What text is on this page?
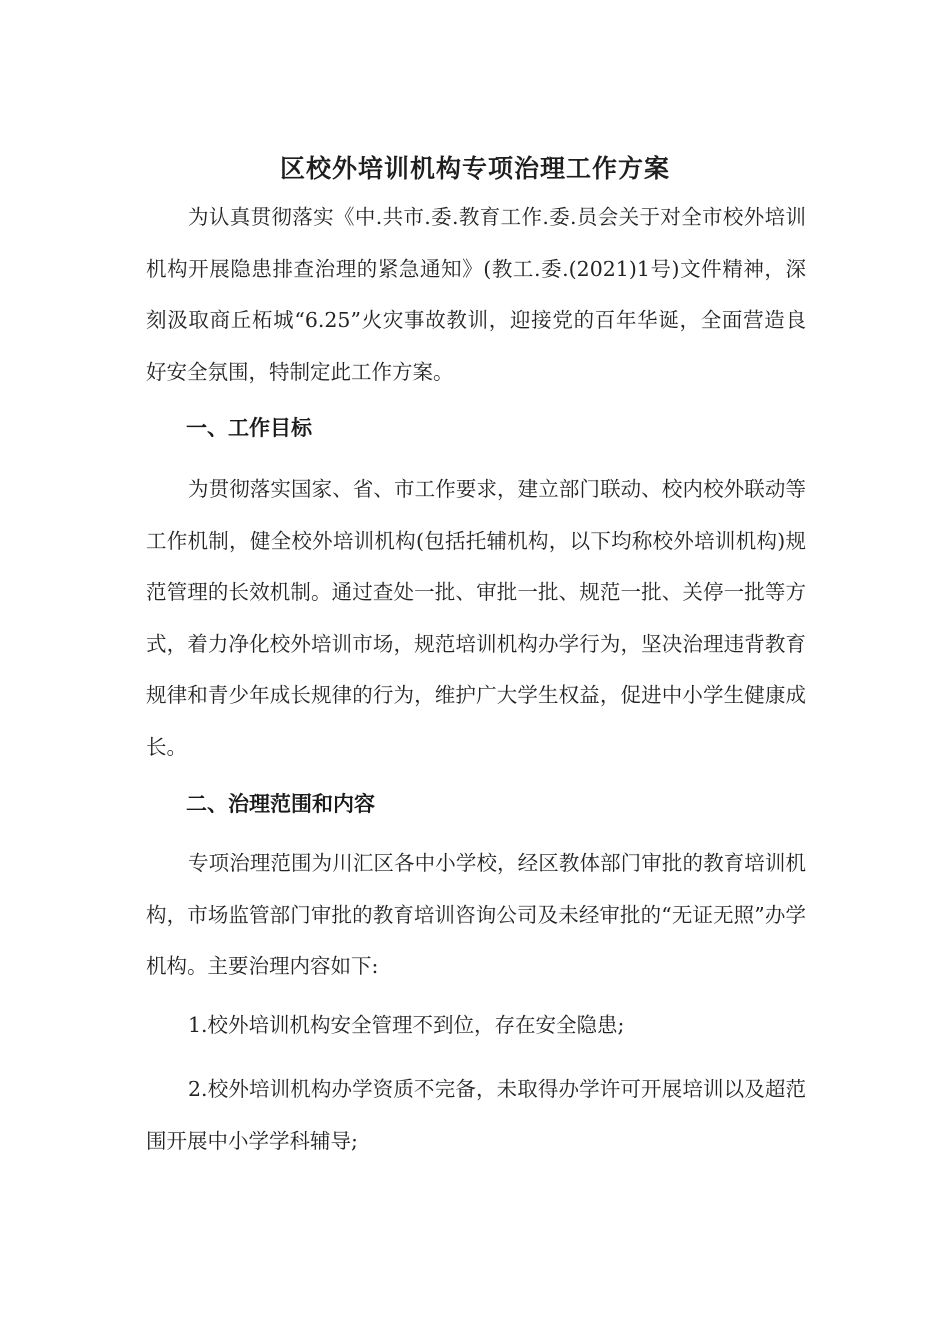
区校外培训机构专项治理工作方案

为认真贯彻落实《中.共市.委.教育工作.委.员会关于对全市校外培训机构开展隐患排查治理的紧急通知》(教工.委.(2021)1号)文件精神，深刻汲取商丘柘城“6.25”火灾事故教训，迎接党的百年华诞，全面营造良好安全氛围，特制定此工作方案。

一、工作目标

为贯彻落实国家、省、市工作要求，建立部门联动、校内校外联动等工作机制，健全校外培训机构(包括托辅机构，以下均称校外培训机构)规范管理的长效机制。通过查处一批、审批一批、规范一批、关停一批等方式，着力净化校外培训市场，规范培训机构办学行为，坚决治理违背教育规律和青少年成长规律的行为，维护广大学生权益，促进中小学生健康成长。

二、治理范围和内容

专项治理范围为川汇区各中小学校，经区教体部门审批的教育培训机构，市场监管部门审批的教育培训咨询公司及未经审批的“无证无照”办学机构。主要治理内容如下:

1.校外培训机构安全管理不到位，存在安全隐患;

2.校外培训机构办学资质不完备，未取得办学许可开展培训以及超范围开展中小学学科辅导;
